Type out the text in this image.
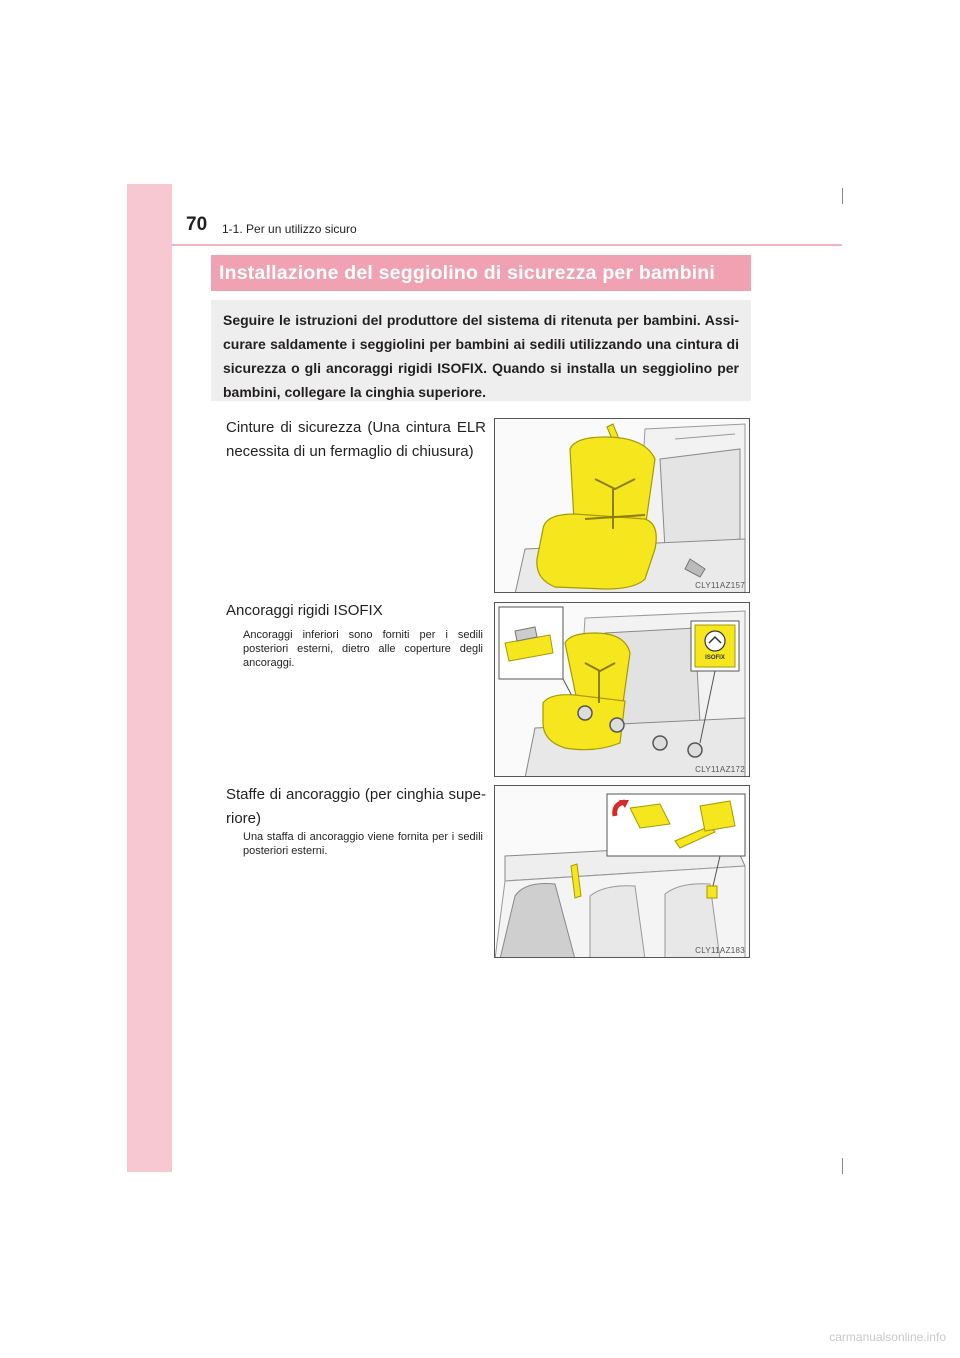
70 1-1. Per un utilizzo sicuro
Installazione del seggiolino di sicurezza per bambini
Seguire le istruzioni del produttore del sistema di ritenuta per bambini. Assi-curare saldamente i seggiolini per bambini ai sedili utilizzando una cintura di sicurezza o gli ancoraggi rigidi ISOFIX. Quando si installa un seggiolino per bambini, collegare la cinghia superiore.
Cinture di sicurezza (Una cintura ELR necessita di un fermaglio di chiusura)
CLY11AZ157
Ancoraggi rigidi ISOFIX
Ancoraggi inferiori sono forniti per i sedili posteriori esterni, dietro alle coperture degli ancoraggi.	ISOFIX
CLY11AZ172
Staffe di ancoraggio (per cinghia supe-riore)
Una staffa di ancoraggio viene fornita per i sedili posteriori esterni.
CLY11AZ183
carmanualsonline.info
